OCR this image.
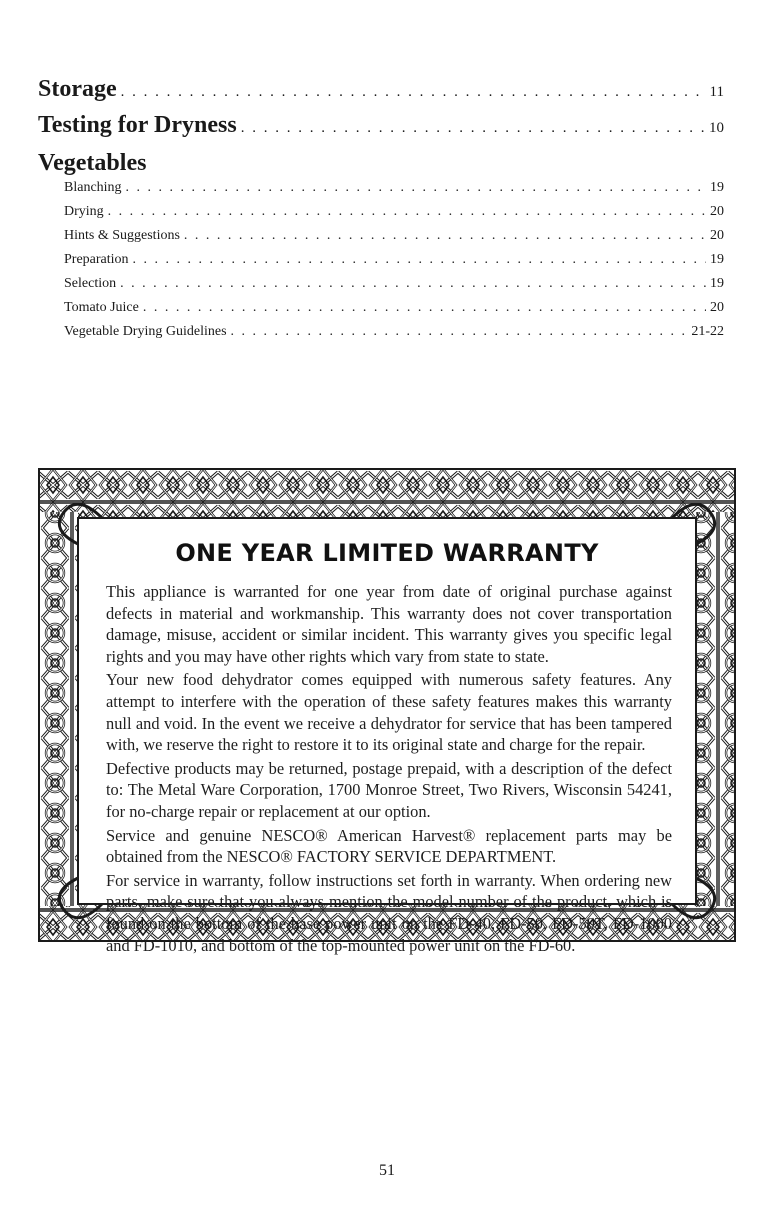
Storage . . .	11
Testing for Dryness . . .	10
Vegetables
Blanching . . .	19
Drying . . .	20
Hints & Suggestions . . .	20
Preparation . . .	19
Selection . . .	19
Tomato Juice . . .	20
Vegetable Drying Guidelines . . .	21-22
ONE YEAR LIMITED WARRANTY

This appliance is warranted for one year from date of original purchase against defects in material and workmanship. This warranty does not cover transportation damage, misuse, accident or similar incident. This warranty gives you specific legal rights and you may have other rights which vary from state to state.

Your new food dehydrator comes equipped with numerous safety features. Any attempt to interfere with the operation of these safety features makes this warranty null and void. In the event we receive a dehydrator for service that has been tampered with, we reserve the right to restore it to its original state and charge for the repair.

Defective products may be returned, postage prepaid, with a description of the defect to: The Metal Ware Corporation, 1700 Monroe Street, Two Rivers, Wisconsin 54241, for no-charge repair or replacement at our option.

Service and genuine NESCO® American Harvest® replacement parts may be obtained from the NESCO® FACTORY SERVICE DEPARTMENT.

For service in warranty, follow instructions set forth in warranty. When ordering new parts, make sure that you always mention the model number of the product, which is found on the bottom of the base power unit on the FD-40, FD-50, FD-50T, FD-1000 and FD-1010, and bottom of the top-mounted power unit on the FD-60.

51
